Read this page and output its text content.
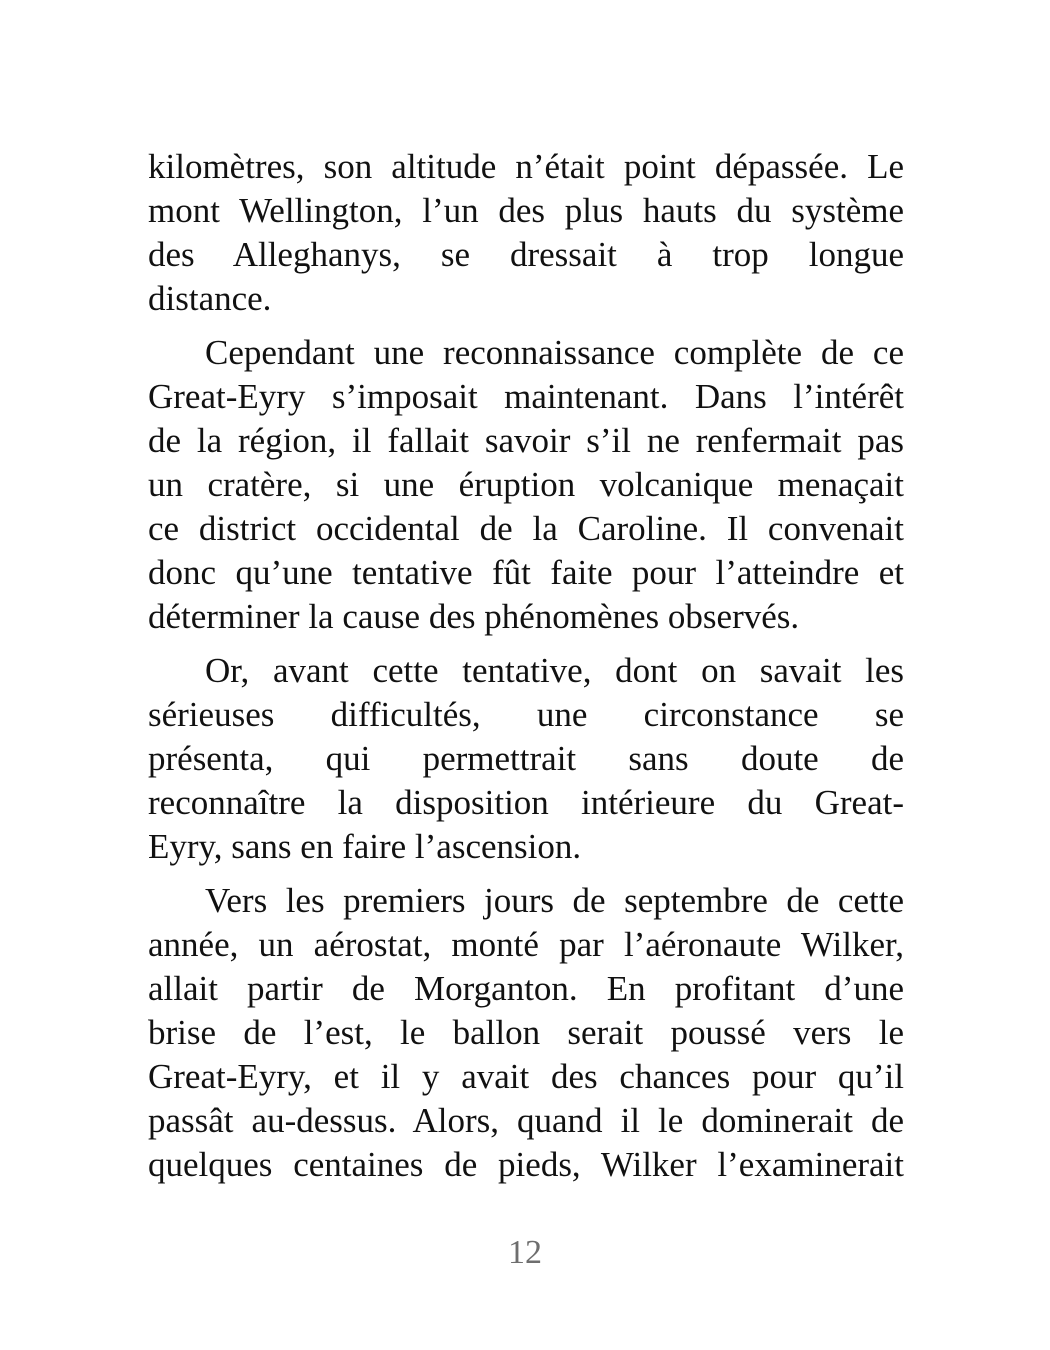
kilomètres, son altitude n’était point dépassée. Le
mont Wellington, l’un des plus hauts du système
des Alleghanys, se dressait à trop longue
distance.
Cependant une reconnaissance complète de ce
Great-Eyry s’imposait maintenant. Dans l’intérêt
de la région, il fallait savoir s’il ne renfermait pas
un cratère, si une éruption volcanique menaçait
ce district occidental de la Caroline. Il convenait
donc qu’une tentative fût faite pour l’atteindre et
déterminer la cause des phénomènes observés.
Or, avant cette tentative, dont on savait les
sérieuses difficultés, une circonstance se
présenta, qui permettrait sans doute de
reconnaître la disposition intérieure du Great-
Eyry, sans en faire l’ascension.
Vers les premiers jours de septembre de cette
année, un aérostat, monté par l’aéronaute Wilker,
allait partir de Morganton. En profitant d’une
brise de l’est, le ballon serait poussé vers le
Great-Eyry, et il y avait des chances pour qu’il
passât au-dessus. Alors, quand il le dominerait de
quelques centaines de pieds, Wilker l’examinerait
12
